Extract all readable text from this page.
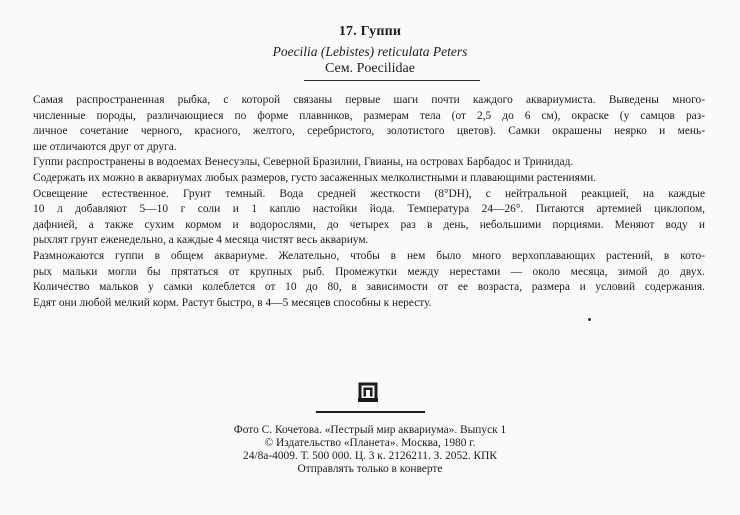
17. Гуппи
Poecilia (Lebistes) reticulata Peters
Сем. Poecilidae
Самая распространенная рыбка, с которой связаны первые шаги почти каждого аквариумиста. Выведены много-
численные породы, различающиеся по форме плавников, размерам тела (от 2,5 до 6 см), окраске (у самцов раз-
личное сочетание черного, красного, желтого, серебристого, золотистого цветов). Самки окрашены неярко и мень-
ше отличаются друг от друга.
Гуппи распространены в водоемах Венесуэлы, Северной Бразилии, Гвианы, на островах Барбадос и Тринидад.
Содержать их можно в аквариумах любых размеров, густо засаженных мелколистными и плавающими растениями.
Освещение естественное. Грунт темный. Вода средней жесткости (8°DH), с нейтральной реакцией, на каждые
10 л добавляют 5—10 г соли и 1 каплю настойки йода. Температура 24—26°. Питаются артемией циклопом,
дафнией, а также сухим кормом и водорослями, до четырех раз в день, небольшими порциями. Меняют воду и
рыхлят грунт еженедельно, а каждые 4 месяца чистят весь аквариум.
Размножаются гуппи в общем аквариуме. Желательно, чтобы в нем было много верхоплавающих растений, в кото-
рых мальки могли бы прятаться от крупных рыб. Промежутки между нерестами — около месяца, зимой до двух.
Количество мальков у самки колеблется от 10 до 80, в зависимости от ее возраста, размера и условий содержания.
Едят они любой мелкий корм. Растут быстро, в 4—5 месяцев способны к нересту.
Фото С. Кочетова. «Пестрый мир аквариума». Выпуск 1
© Издательство «Планета». Москва, 1980 г.
24/8а-4009. Т. 500 000. Ц. 3 к. 2126211. З. 2052. КПК
Отправлять только в конверте
